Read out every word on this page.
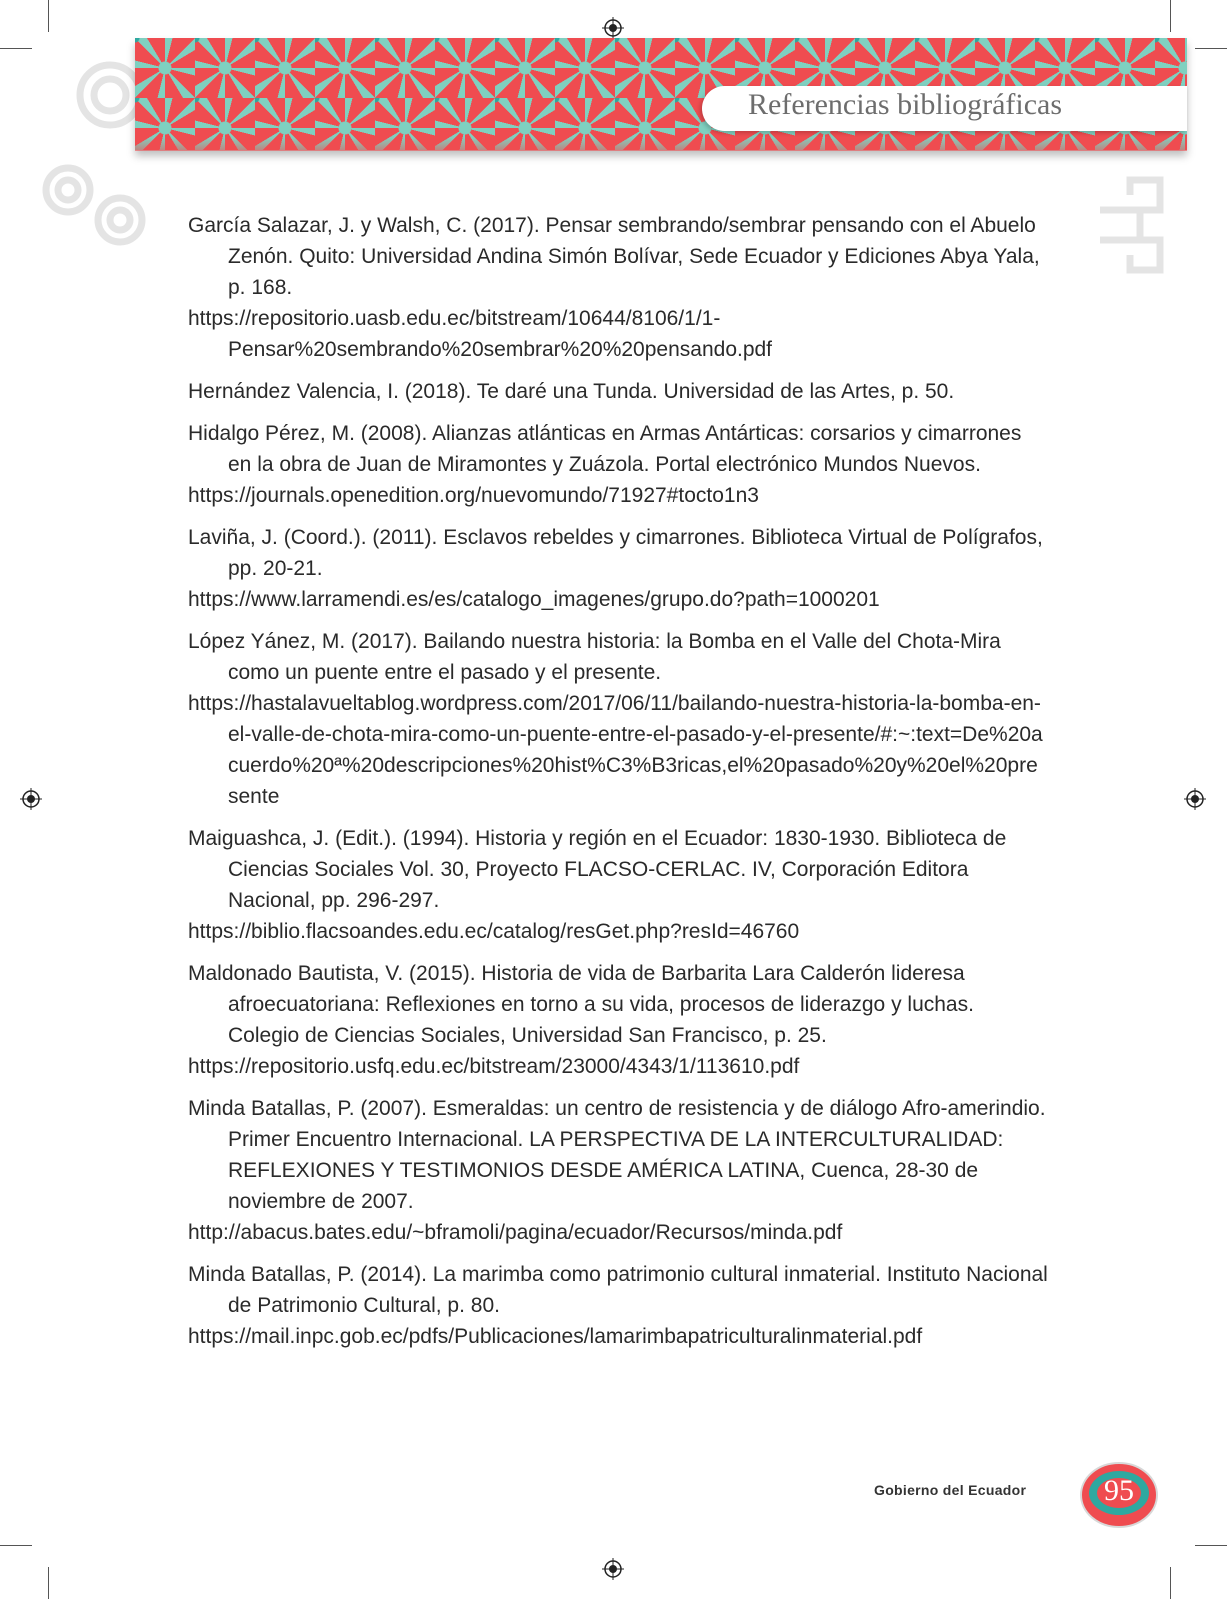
Referencias bibliográficas

García Salazar, J. y Walsh, C. (2017). Pensar sembrando/sembrar pensando con el Abuelo Zenón. Quito: Universidad Andina Simón Bolívar, Sede Ecuador y Ediciones Abya Yala, p. 168.
https://repositorio.uasb.edu.ec/bitstream/10644/8106/1/1-Pensar%20sembrando%20sembrar%20%20pensando.pdf

Hernández Valencia, I. (2018). Te daré una Tunda. Universidad de las Artes, p. 50.

Hidalgo Pérez, M. (2008). Alianzas atlánticas en Armas Antárticas: corsarios y cimarrones en la obra de Juan de Miramontes y Zuázola. Portal electrónico Mundos Nuevos.
https://journals.openedition.org/nuevomundo/71927#tocto1n3

Laviña, J. (Coord.). (2011). Esclavos rebeldes y cimarrones. Biblioteca Virtual de Polígrafos, pp. 20-21.
https://www.larramendi.es/es/catalogo_imagenes/grupo.do?path=1000201

López Yánez, M. (2017). Bailando nuestra historia: la Bomba en el Valle del Chota-Mira como un puente entre el pasado y el presente.
https://hastalavueltablog.wordpress.com/2017/06/11/bailando-nuestra-historia-la-bomba-en-el-valle-de-chota-mira-como-un-puente-entre-el-pasado-y-el-presente/#:~:text=De%20acuerdo%20ª%20descripciones%20hist%C3%B3ricas,el%20pasado%20y%20el%20presente

Maiguashca, J. (Edit.). (1994). Historia y región en el Ecuador: 1830-1930. Biblioteca de Ciencias Sociales Vol. 30, Proyecto FLACSO-CERLAC. IV, Corporación Editora Nacional, pp. 296-297.
https://biblio.flacsoandes.edu.ec/catalog/resGet.php?resId=46760

Maldonado Bautista, V. (2015). Historia de vida de Barbarita Lara Calderón lideresa afroecuatoriana: Reflexiones en torno a su vida, procesos de liderazgo y luchas. Colegio de Ciencias Sociales, Universidad San Francisco, p. 25.
https://repositorio.usfq.edu.ec/bitstream/23000/4343/1/113610.pdf

Minda Batallas, P. (2007). Esmeraldas: un centro de resistencia y de diálogo Afro-amerindio. Primer Encuentro Internacional. LA PERSPECTIVA DE LA INTERCULTURALIDAD: REFLEXIONES Y TESTIMONIOS DESDE AMÉRICA LATINA, Cuenca, 28-30 de noviembre de 2007.
http://abacus.bates.edu/~bframoli/pagina/ecuador/Recursos/minda.pdf

Minda Batallas, P. (2014). La marimba como patrimonio cultural inmaterial. Instituto Nacional de Patrimonio Cultural, p. 80.
https://mail.inpc.gob.ec/pdfs/Publicaciones/lamarimbapatriculturalinmaterial.pdf

Gobierno del Ecuador	95
